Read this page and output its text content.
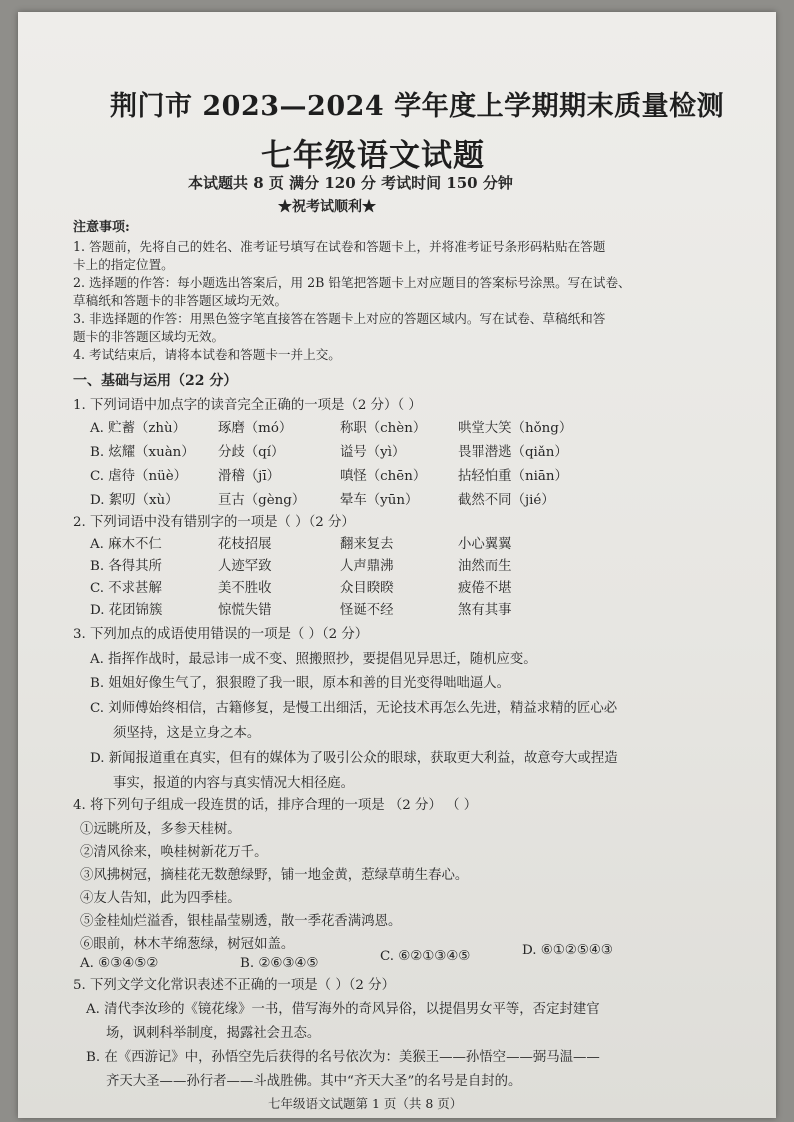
荆门市 2023—2024 学年度上学期期末质量检测
七年级语文试题
本试题共 8 页 满分 120 分 考试时间 150 分钟
★祝考试顺利★
注意事项:
1. 答题前，先将自己的姓名、准考证号填写在试卷和答题卡上，并将准考证号条形码粘贴在答题
卡上的指定位置。
2. 选择题的作答：每小题选出答案后，用 2B 铅笔把答题卡上对应题目的答案标号涂黑。写在试卷、
草稿纸和答题卡的非答题区域均无效。
3. 非选择题的作答：用黑色签字笔直接答在答题卡上对应的答题区域内。写在试卷、草稿纸和答
题卡的非答题区域均无效。
4. 考试结束后，请将本试卷和答题卡一并上交。
一、基础与运用（22 分）
1. 下列词语中加点字的读音完全正确的一项是（2 分）（ ）
A. 贮蓄（zhù） 琢磨（mó）	称职（chèn） 哄堂大笑（hǒng）
B. 炫耀（xuàn） 分歧（qí）	谥号（yì）	畏罪潜逃（qiǎn）
C. 虐待（nüè） 滑稽（jī）	嗔怪（chēn） 拈轻怕重（niān）
D. 絮叨（xù）	亘古（gèng）	晕车（yūn）	截然不同（jié）
2. 下列词语中没有错别字的一项是（ ）（2 分）
A. 麻木不仁	花枝招展	翻来复去	小心翼翼
B. 各得其所	人迹罕致	人声鼎沸	油然而生
C. 不求甚解	美不胜收	众目睽睽	疲倦不堪
D. 花团锦簇	惊慌失错	怪诞不经	煞有其事
3. 下列加点的成语使用错误的一项是（ ）（2 分）
A. 指挥作战时，最忌讳一成不变、照搬照抄，要提倡见异思迁，随机应变。
B. 姐姐好像生气了，狠狠瞪了我一眼，原本和善的目光变得咄咄逼人。
C. 刘师傅始终相信，古籍修复，是慢工出细活，无论技术再怎么先进，精益求精的匠心必
须坚持，这是立身之本。
D. 新闻报道重在真实，但有的媒体为了吸引公众的眼球，获取更大利益，故意夸大或捏造
事实，报道的内容与真实情况大相径庭。
4. 将下列句子组成一段连贯的话，排序合理的一项是 （2 分） （ ）
①远眺所及，多参天桂树。
②清风徐来，唤桂树新花万千。
③风拂树冠，摘桂花无数憩绿野，铺一地金黄，惹绿草萌生春心。
④友人告知，此为四季桂。
⑤金桂灿烂溢香，银桂晶莹剔透，散一季花香满鸿恩。
⑥眼前，林木芊绵葱绿，树冠如盖。
A. ⑥③④⑤②	B. ②⑥③④⑤	C. ⑥②①③④⑤	D. ⑥①②⑤④③
5. 下列文学文化常识表述不正确的一项是（ ）（2 分）
A. 清代李汝珍的《镜花缘》一书，借写海外的奇风异俗，以提倡男女平等，否定封建官
场，讽刺科举制度，揭露社会丑态。
B. 在《西游记》中，孙悟空先后获得的名号依次为：美猴王——孙悟空——弼马温——
齐天大圣——孙行者——斗战胜佛。其中“齐天大圣”的名号是自封的。
七年级语文试题第 1 页（共 8 页）
